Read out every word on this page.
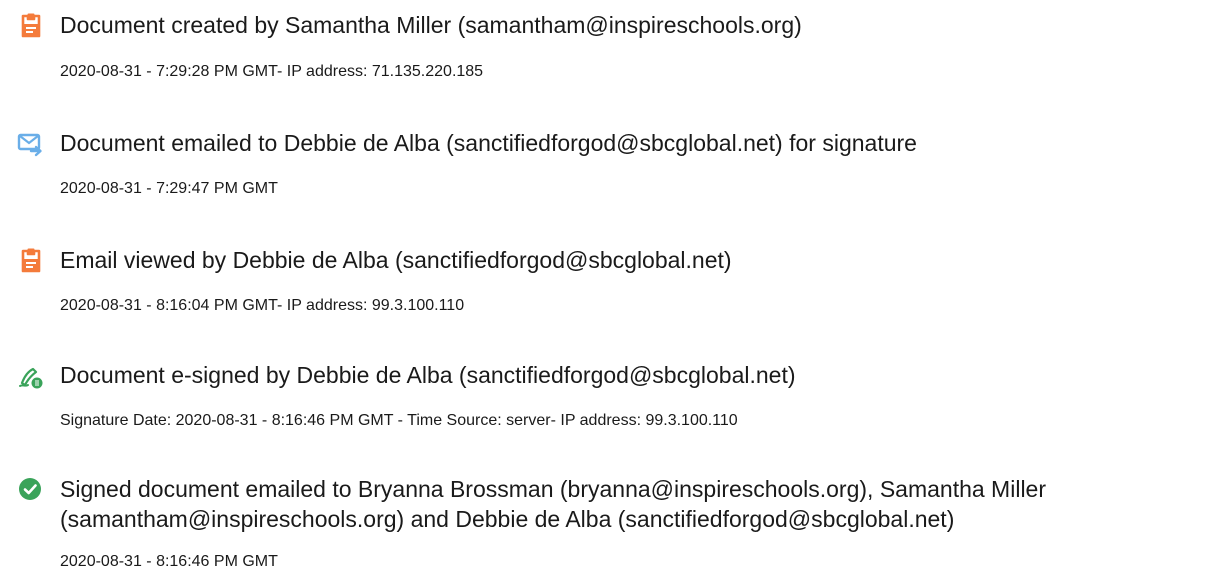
Document created by Samantha Miller (samantham@inspireschools.org)
2020-08-31 - 7:29:28 PM GMT- IP address: 71.135.220.185
Document emailed to Debbie de Alba (sanctifiedforgod@sbcglobal.net) for signature
2020-08-31 - 7:29:47 PM GMT
Email viewed by Debbie de Alba (sanctifiedforgod@sbcglobal.net)
2020-08-31 - 8:16:04 PM GMT- IP address: 99.3.100.110
Document e-signed by Debbie de Alba (sanctifiedforgod@sbcglobal.net)
Signature Date: 2020-08-31 - 8:16:46 PM GMT - Time Source: server- IP address: 99.3.100.110
Signed document emailed to Bryanna Brossman (bryanna@inspireschools.org), Samantha Miller (samantham@inspireschools.org) and Debbie de Alba (sanctifiedforgod@sbcglobal.net)
2020-08-31 - 8:16:46 PM GMT
